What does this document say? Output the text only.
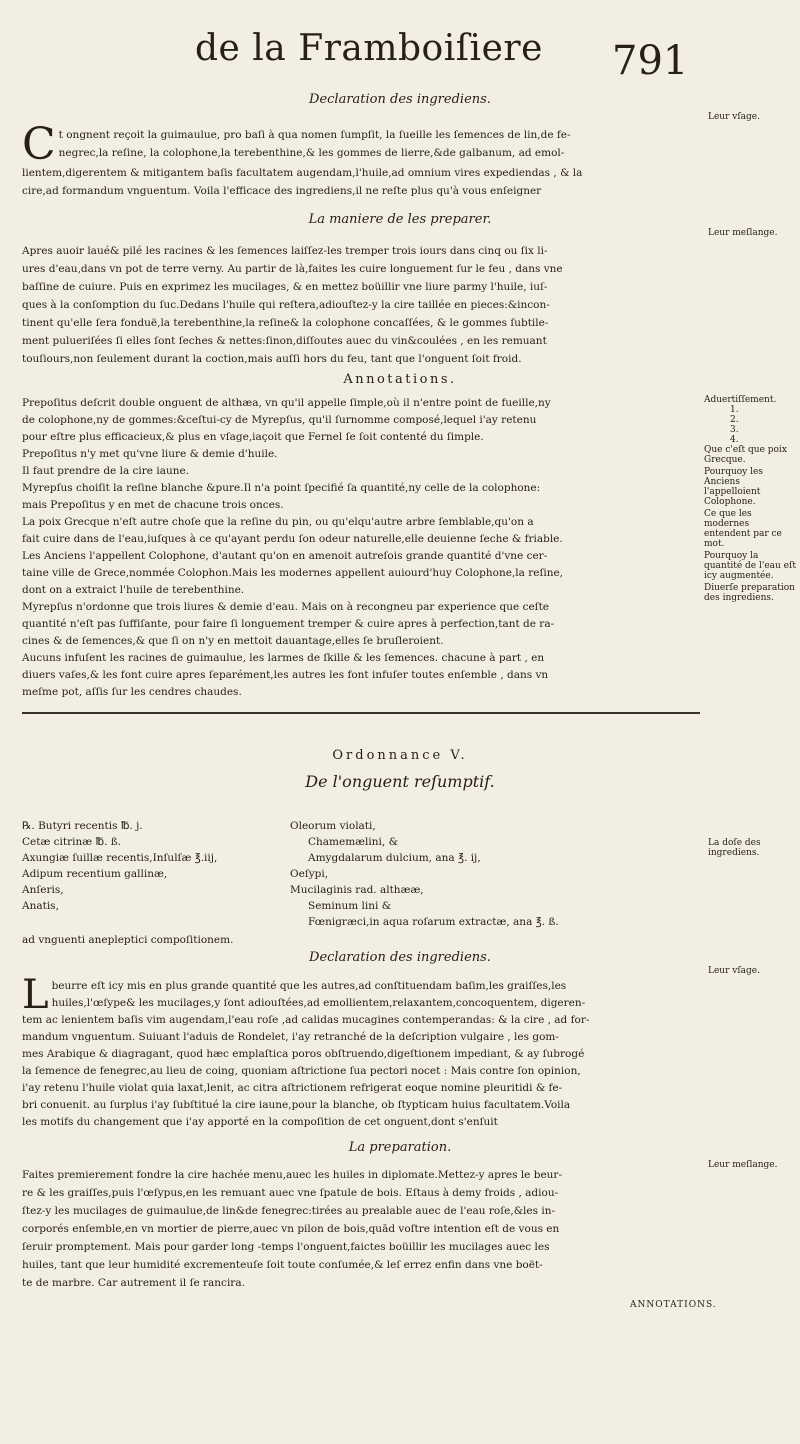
de la Framboiſiere 791
Declaration des ingrediens.
Leur vſage.
C t ongnent reçoit la guimaulue, pro baſi à qua nomen ſumpſit, la ſueille les ſemences de lin,de fe-
negrec,la reſine, la colophone,la terebenthine,& les gommes de lierre,&de galbanum, ad emol-
lientem,digerentem & mitigantem baſis facultatem augendam,l'huile,ad omnium vires expediendas , & la
cire,ad formandum vnguentum. Voila l'efficace des ingrediens,il ne reſte plus qu'à vous enſeigner
La maniere de les preparer.
Leur meſlange.
Apres auoir laué& pilé les racines & les ſemences laiſſez-les tremper trois iours dans cinq ou ſix li-
ures d'eau,dans vn pot de terre verny. Au partir de là,faites les cuire longuement ſur le feu , dans vne
baſſine de cuiure. Puis en exprimez les mucilages, & en mettez boüillir vne liure parmy l'huile, iuſ-
ques à la conſomption du ſuc.Dedans l'huile qui reſtera,adiouſtez-y la cire taillée en pieces:&incon-
tinent qu'elle ſera fonduë,la terebenthine,la reſine& la colophone concaſſées, & le gommes ſubtile-
ment pulueriſées ſi elles ſont ſeches & nettes:ſinon,diſſoutes auec du vin&coulées , en les remuant
touſiours,non ſeulement durant la coction,mais auſſi hors du feu, tant que l'onguent ſoit froid.
Annotations.
Aduertiſſement.
1.
2.
3.
4.
Que c'eſt que poix Grecque.
Pourquoy les Anciens l'appelloient Colophone.
Ce que les modernes entendent par ce mot.
Pourquoy la quantité de l'eau eſt icy augmentée.
Diuerſe preparation des ingrediens.
Prepoſitus deſcrit double onguent de althæa, vn qu'il appelle ſimple,où il n'entre point de fueille,ny
de colophone,ny de gommes:&ceſtui-cy de Myrepſus, qu'il ſurnomme composé,lequel i'ay retenu
pour eſtre plus efficacieux,& plus en vſage,iaçoit que Fernel ſe ſoit contenté du ſimple.
Prepoſitus n'y met qu'vne liure & demie d'huile.
Il faut prendre de la cire iaune.
Myrepſus choiſit la reſine blanche &pure.Il n'a point ſpecifié ſa quantité,ny celle de la colophone:
mais Prepoſitus y en met de chacune trois onces.
La poix Grecque n'eſt autre choſe que la reſine du pin, ou qu'elqu'autre arbre ſemblable,qu'on a
fait cuire dans de l'eau,iuſques à ce qu'ayant perdu ſon odeur naturelle,elle deuienne ſeche & friable.
Les Anciens l'appellent Colophone, d'autant qu'on en amenoit autreſois grande quantité d'vne cer-
taine ville de Grece,nommée Colophon.Mais les modernes appellent auiourd'huy Colophone,la reſine,
dont on a extraict l'huile de terebenthine.
Myrepſus n'ordonne que trois liures & demie d'eau. Mais on à recongneu par experience que ceſte
quantité n'eſt pas ſuffiſante, pour faire ſi longuement tremper & cuire apres à perfection,tant de ra-
cines & de ſemences,& que ſi on n'y en mettoit dauantage,elles ſe bruſleroient.
Aucuns infuſent les racines de guimaulue, les larmes de ſkille & les ſemences. chacune à part , en
diuers vaſes,& les font cuire apres ſeparément,les autres les font infuſer toutes enſemble , dans vn
meſme pot, aſſis ſur les cendres chaudes.
Ordonnance V.
De l'onguent reſumptif.
La doſe des ingrediens.
℞. Butyri recentis ℔. j.
Cetæ citrinæ ℔. ß.
Axungiæ ſuillæ recentis,Inſulſæ ℥.iij,
Adipum recentium gallinæ,
Anſeris,
Anatis,
Oleorum violati,
Chamemælini, &
Amygdalarum dulcium, ana ℥. ij,
Oeſypi,
Mucilaginis rad. althææ,
Seminum lini &
Fœnigræci,in aqua roſarum extractæ, ana ℥. ß.
ad vnguenti anepleptici compoſitionem.
Declaration des ingrediens.
Leur vſage.
L beurre eſt icy mis en plus grande quantité que les autres,ad conſtituendam baſim,les graiſſes,les
huiles,l'œſype& les mucilages,y ſont adiouſtées,ad emollientem,relaxantem,concoquentem, digeren-
tem ac lenientem baſis vim augendam,l'eau roſe ,ad calidas mucagines contemperandas: & la cire , ad for-
mandum vnguentum. Suiuant l'aduis de Rondelet, i'ay retranché de la deſcription vulgaire , les gom-
mes Arabique & diagragant, quod hæc emplaſtica poros obſtruendo,digeſtionem impediant, & ay ſubrogé
la ſemence de fenegrec,au lieu de coing, quoniam aſtrictione ſua pectori nocet : Mais contre ſon opinion,
i'ay retenu l'huile violat quia laxat,lenit, ac citra aſtrictionem refrigerat eoque nomine pleuritidi & fe-
bri conuenit. au ſurplus i'ay ſubſtitué la cire iaune,pour la blanche, ob ſtypticam huius facultatem.Voila
les motifs du changement que i'ay apporté en la compoſition de cet onguent,dont s'enſuit
La preparation.
Leur meſlange.
Faites premierement fondre la cire hachée menu,auec les huiles in diplomate.Mettez-y apres le beur-
re & les graiſſes,puis l'œſypus,en les remuant auec vne ſpatule de bois. Eſtaus à demy froids , adiou-
ſtez-y les mucilages de guimaulue,de lin&de fenegrec:tirées au prealable auec de l'eau roſe,&les in-
corporés enſemble,en vn mortier de pierre,auec vn pilon de bois,quād voſtre intention eſt de vous en
ſeruir promptement. Mais pour garder long -temps l'onguent,faictes boüillir les mucilages auec les
huiles, tant que leur humidité excrementeuſe ſoit toute conſumée,& leſ errez enfin dans vne boët-
te de marbre. Car autrement il ſe rancira.
ANNOTATIONS.
